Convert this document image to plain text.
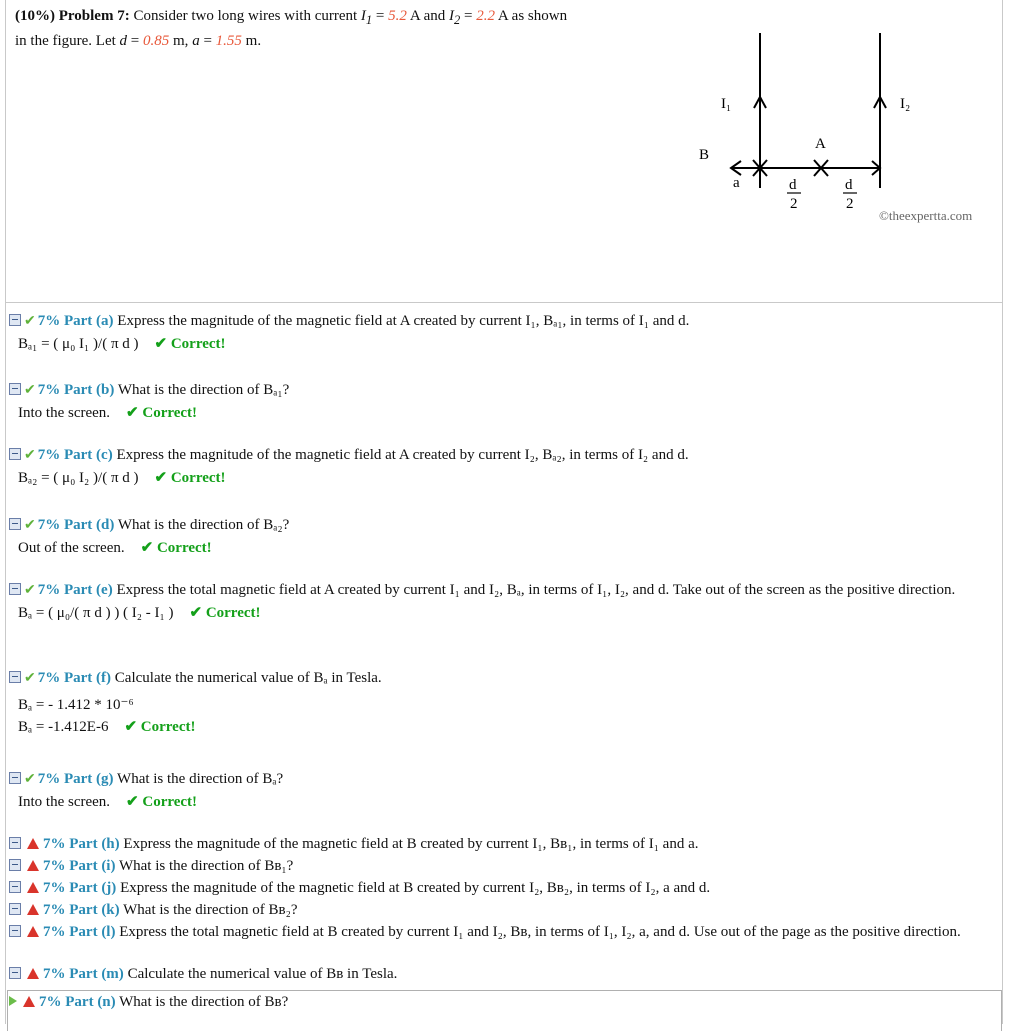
(10%) Problem 7: Consider two long wires with current $I_1 = 5.2$ A and $I_2 = 2.2$ A as shown
in the figure. Let d = 0.85 m, a = 1.55 m.
I₁	I₂
A
B
a	d
2
d
2
©theexpertta.com
✔ 7% Part (a) Express the magnitude of the magnetic field at A created by current I₁, Bₐ₁, in terms of I₁ and d.
Bₐ₁ = ( μ₀ I₁ )/( π d ) ✔ Correct!
✔ 7% Part (b) What is the direction of Bₐ₁?
Into the screen. ✔ Correct!
✔ 7% Part (c) Express the magnitude of the magnetic field at A created by current I₂, Bₐ₂, in terms of I₂ and d.
Bₐ₂ = ( μ₀ I₂ )/( π d ) ✔ Correct!
✔ 7% Part (d) What is the direction of Bₐ₂?
Out of the screen. ✔ Correct!
✔ 7% Part (e) Express the total magnetic field at A created by current I₁ and I₂, Bₐ, in terms of I₁, I₂, and d. Take out of the screen as the positive direction.
Bₐ = ( μ₀/( π d ) ) ( I₂ - I₁ ) ✔ Correct!
✔ 7% Part (f) Calculate the numerical value of Bₐ in Tesla.
Bₐ = - 1.412 * 10⁻⁶
Bₐ = -1.412E-6 ✔ Correct!
✔ 7% Part (g) What is the direction of Bₐ?
Into the screen. ✔ Correct!
7% Part (h) Express the magnitude of the magnetic field at B created by current I₁, Bʙ₁, in terms of I₁ and a.
7% Part (i) What is the direction of Bʙ₁?
7% Part (j) Express the magnitude of the magnetic field at B created by current I₂, Bʙ₂, in terms of I₂, a and d.
7% Part (k) What is the direction of Bʙ₂?
7% Part (l) Express the total magnetic field at B created by current I₁ and I₂, Bʙ, in terms of I₁, I₂, a, and d. Use out of the page as the positive direction.
7% Part (m) Calculate the numerical value of Bʙ in Tesla.
7% Part (n) What is the direction of Bʙ?
